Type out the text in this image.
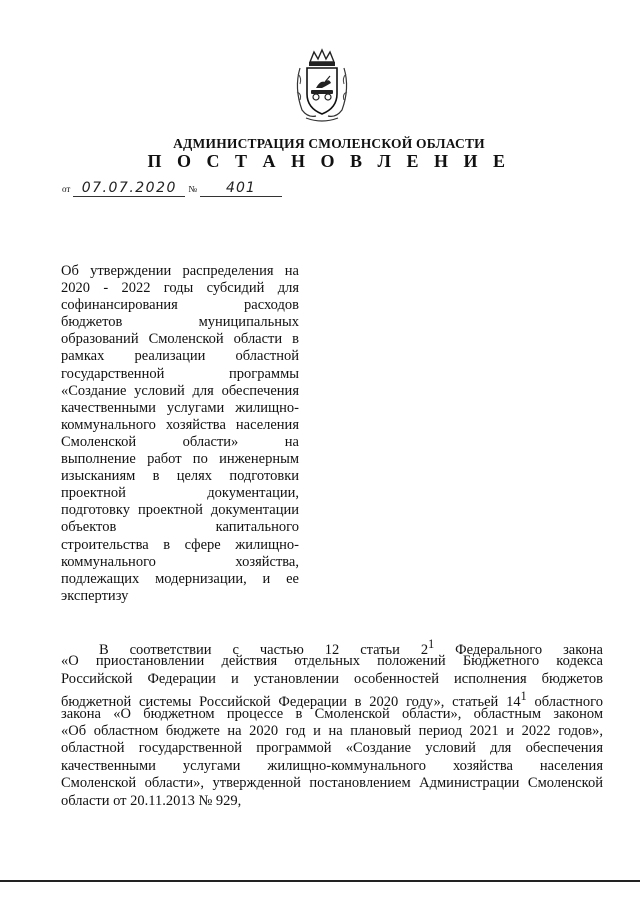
АДМИНИСТРАЦИЯ СМОЛЕНСКОЙ ОБЛАСТИ
П О С Т А Н О В Л Е Н И Е
от 07.07.2020 № 401
Об утверждении распределения на
2020 - 2022 годы субсидий для
софинансирования расходов
бюджетов муниципальных
образований Смоленской области в
рамках реализации областной
государственной программы
«Создание условий для обеспечения
качественными услугами жилищно-
коммунального хозяйства населения
Смоленской области» на
выполнение работ по инженерным
изысканиям в целях подготовки
проектной документации,
подготовку проектной документации
объектов капитального
строительства в сфере жилищно-
коммунального хозяйства,
подлежащих модернизации, и ее
экспертизу
В соответствии с частью 12 статьи $2^1$ Федерального закона
«О приостановлении действия отдельных положений Бюджетного кодекса
Российской Федерации и установлении особенностей исполнения бюджетов
бюджетной системы Российской Федерации в 2020 году», статьей $14^1$ областного
закона «О бюджетном процессе в Смоленской области», областным законом
«Об областном бюджете на 2020 год и на плановый период 2021 и 2022 годов»,
областной государственной программой «Создание условий для обеспечения
качественными услугами жилищно-коммунального хозяйства населения
Смоленской области», утвержденной постановлением Администрации Смоленской
области от 20.11.2013 № 929,
